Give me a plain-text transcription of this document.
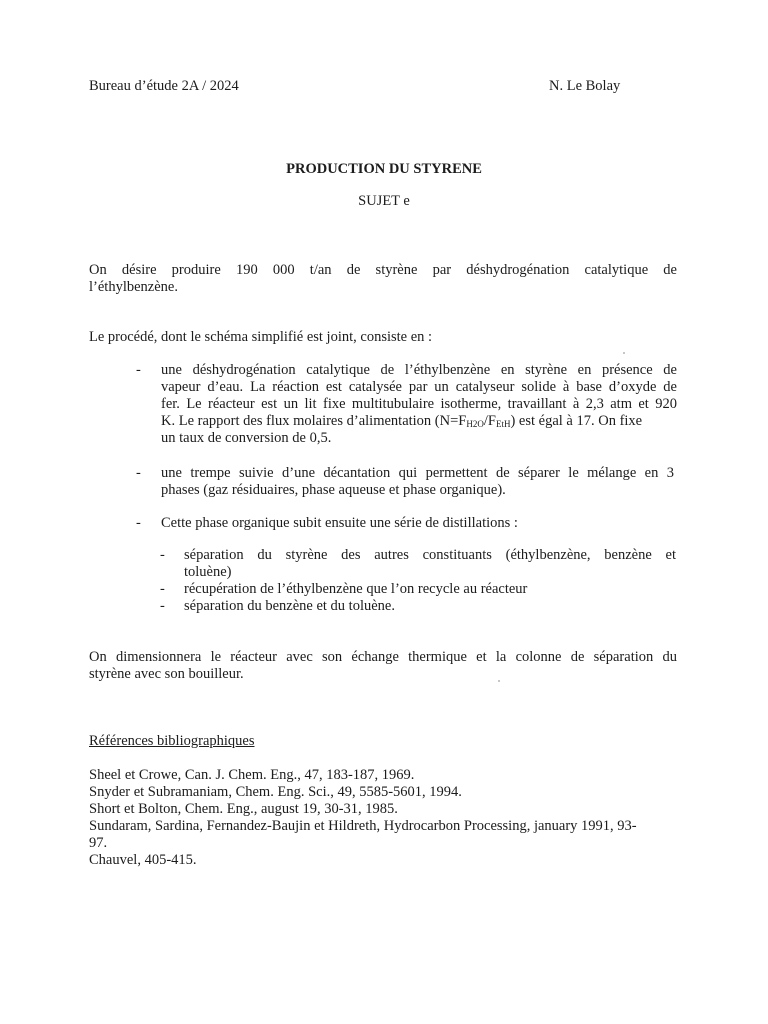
Bureau d’étude 2A / 2024	N. Le Bolay
PRODUCTION DU STYRENE
SUJET e
On désire produire 190 000 t/an de styrène par déshydrogénation catalytique de
l’éthylbenzène.
Le procédé, dont le schéma simplifié est joint, consiste en :
- une déshydrogénation catalytique de l’éthylbenzène en styrène en présence de
vapeur d’eau. La réaction est catalysée par un catalyseur solide à base d’oxyde de
fer. Le réacteur est un lit fixe multitubulaire isotherme, travaillant à 2,3 atm et 920
K. Le rapport des flux molaires d’alimentation $(N=F_{H2O}/F_{EtH})$ est égal à 17. On fixe
un taux de conversion de 0,5.
- une trempe suivie d’une décantation qui permettent de séparer le mélange en 3
phases (gaz résiduaires, phase aqueuse et phase organique).
- Cette phase organique subit ensuite une série de distillations :
- séparation du styrène des autres constituants (éthylbenzène, benzène et
toluène)
- récupération de l’éthylbenzène que l’on recycle au réacteur
- séparation du benzène et du toluène.
On dimensionnera le réacteur avec son échange thermique et la colonne de séparation du
styrène avec son bouilleur.
Références bibliographiques
Sheel et Crowe, Can. J. Chem. Eng., 47, 183-187, 1969.
Snyder et Subramaniam, Chem. Eng. Sci., 49, 5585-5601, 1994.
Short et Bolton, Chem. Eng., august 19, 30-31, 1985.
Sundaram, Sardina, Fernandez-Baujin et Hildreth, Hydrocarbon Processing, january 1991, 93-
97.
Chauvel, 405-415.
